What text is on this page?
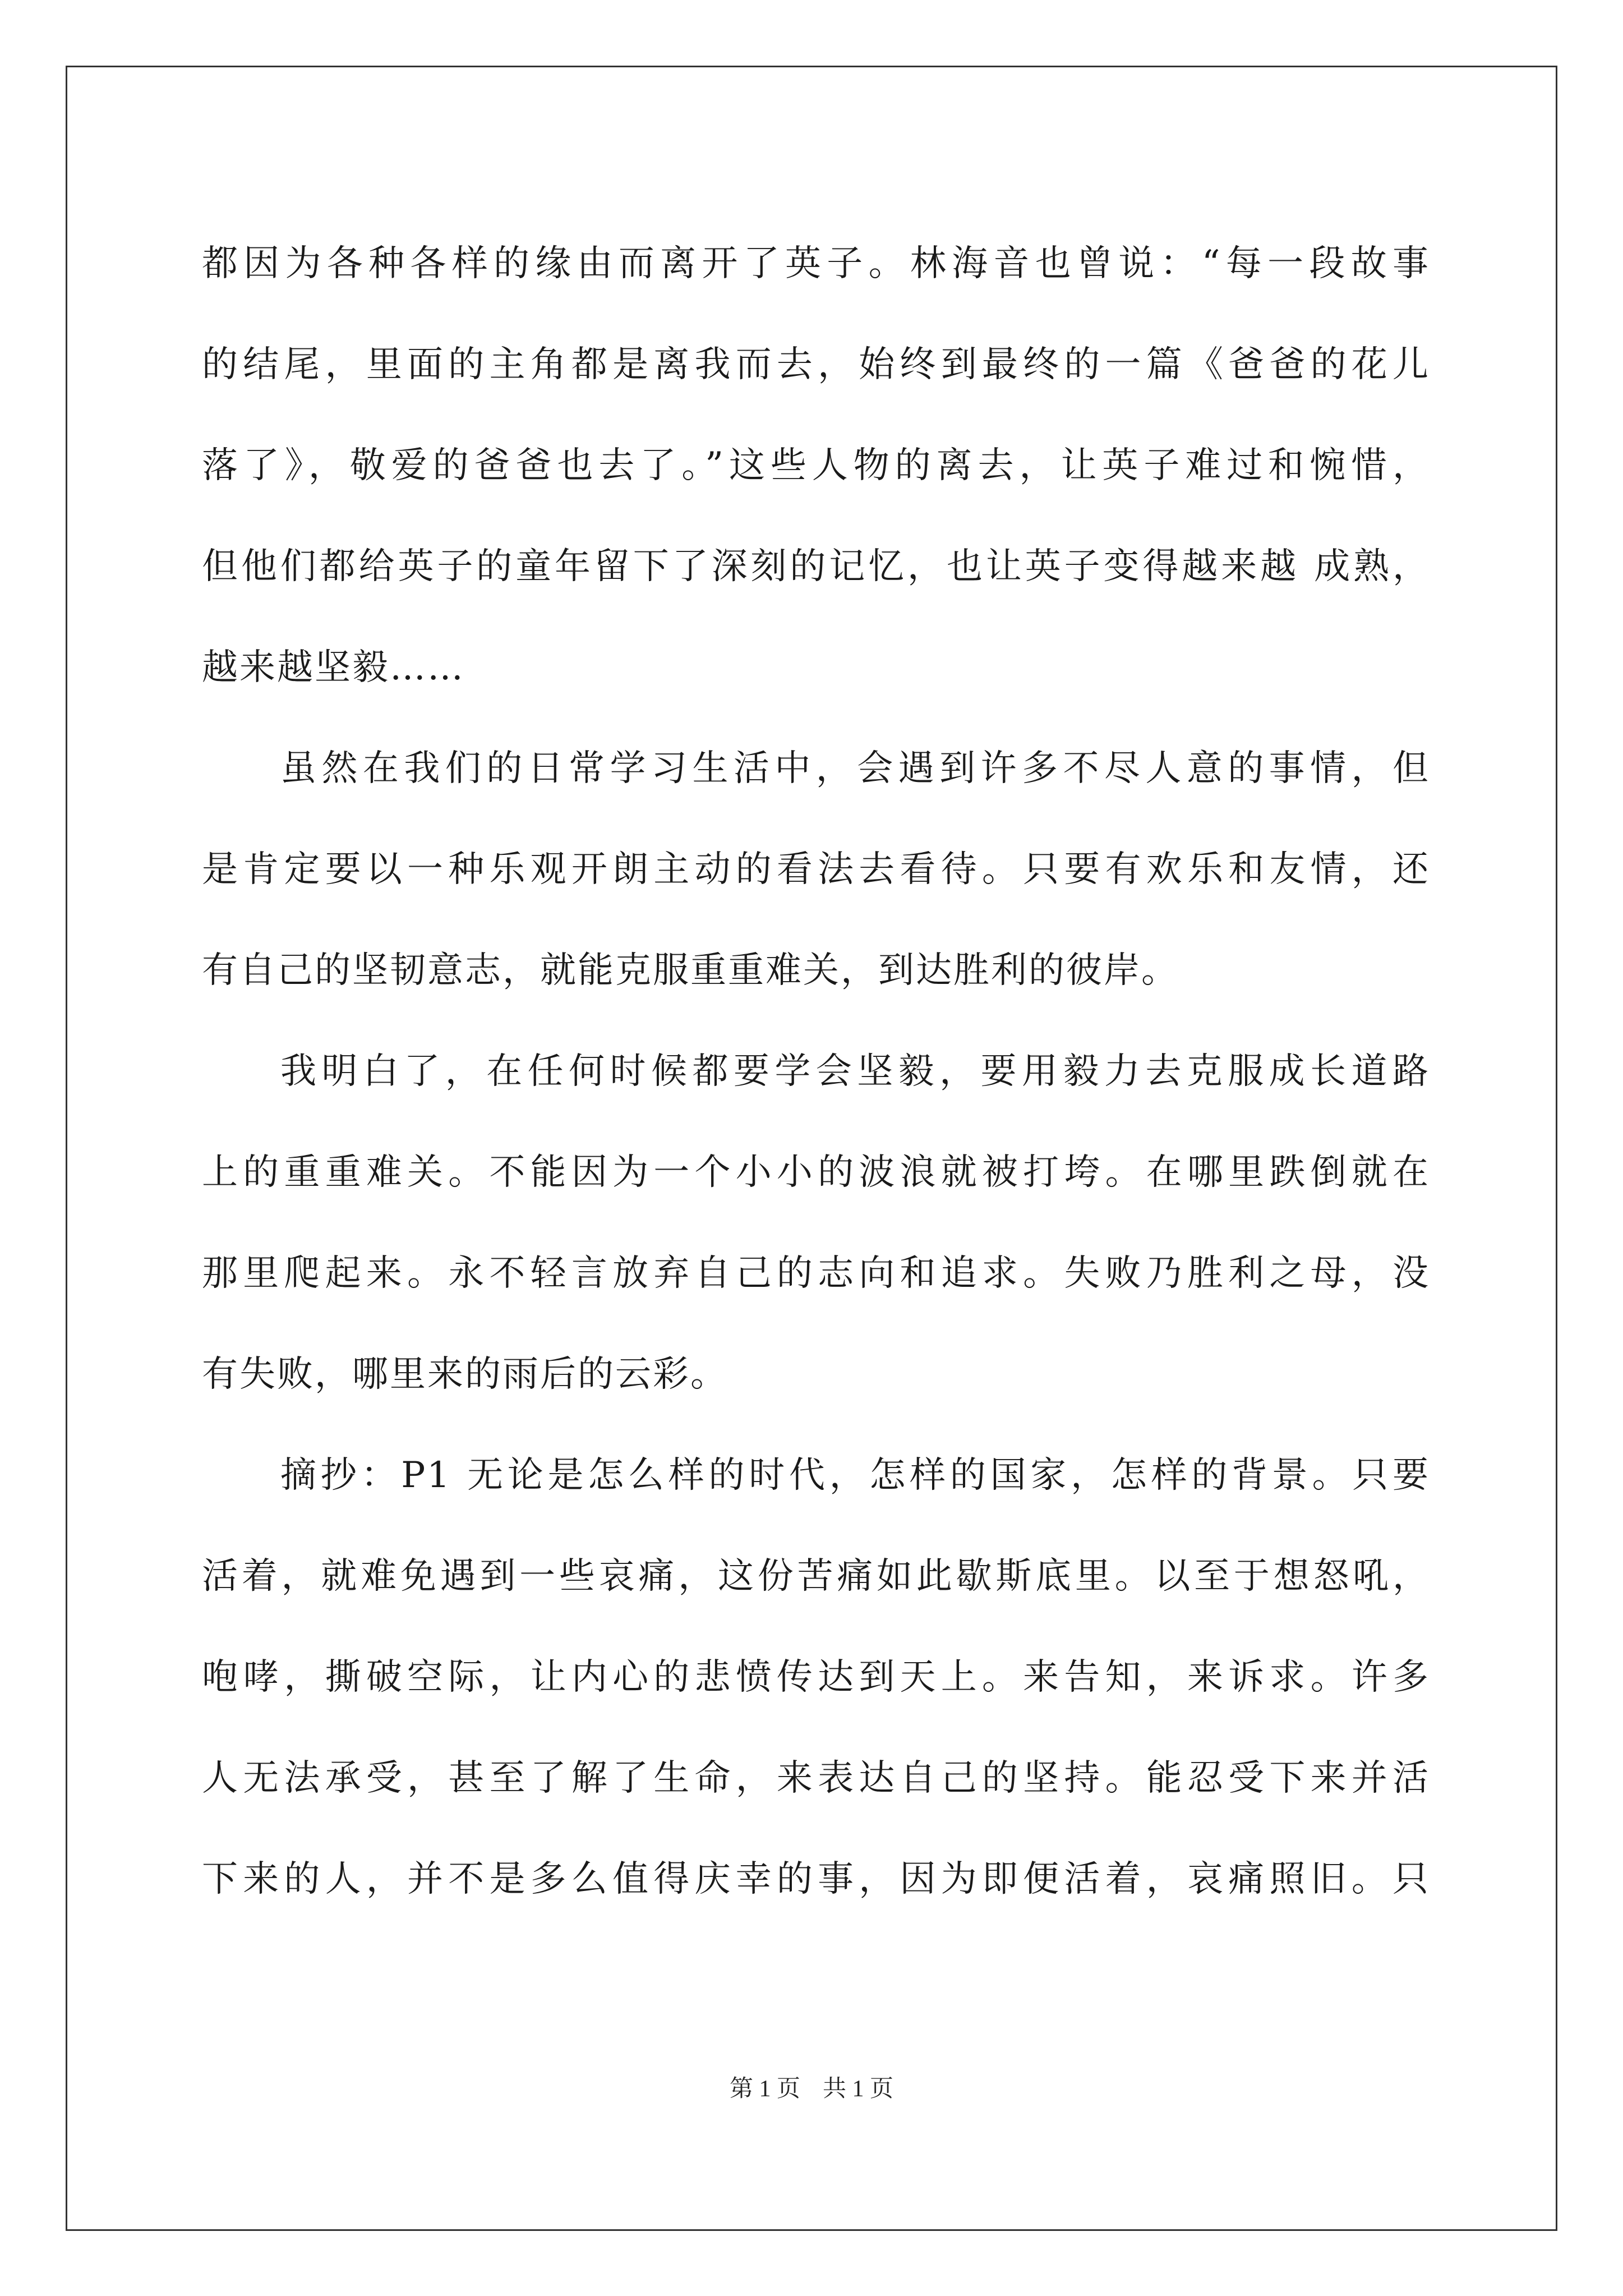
都因为各种各样的缘由而离开了英子。林海音也曾说：“每一段故事
的结尾，里面的主角都是离我而去，始终到最终的一篇《爸爸的花儿
落了》，敬爱的爸爸也去了。”这些人物的离去，让英子难过和惋惜，
但他们都给英子的童年留下了深刻的记忆，也让英子变得越来越 成熟，
越来越坚毅……
虽然在我们的日常学习生活中，会遇到许多不尽人意的事情，但
是肯定要以一种乐观开朗主动的看法去看待。只要有欢乐和友情，还
有自己的坚韧意志，就能克服重重难关，到达胜利的彼岸。
我明白了，在任何时候都要学会坚毅，要用毅力去克服成长道路
上的重重难关。不能因为一个小小的波浪就被打垮。在哪里跌倒就在
那里爬起来。永不轻言放弃自己的志向和追求。失败乃胜利之母，没
有失败，哪里来的雨后的云彩。
摘抄：P1 无论是怎么样的时代，怎样的国家，怎样的背景。只要
活着，就难免遇到一些哀痛，这份苦痛如此歇斯底里。以至于想怒吼，
咆哮，撕破空际，让内心的悲愤传达到天上。来告知，来诉求。许多
人无法承受，甚至了解了生命，来表达自己的坚持。能忍受下来并活
下来的人，并不是多么值得庆幸的事，因为即便活着，哀痛照旧。只
第 1 页 共 1 页
